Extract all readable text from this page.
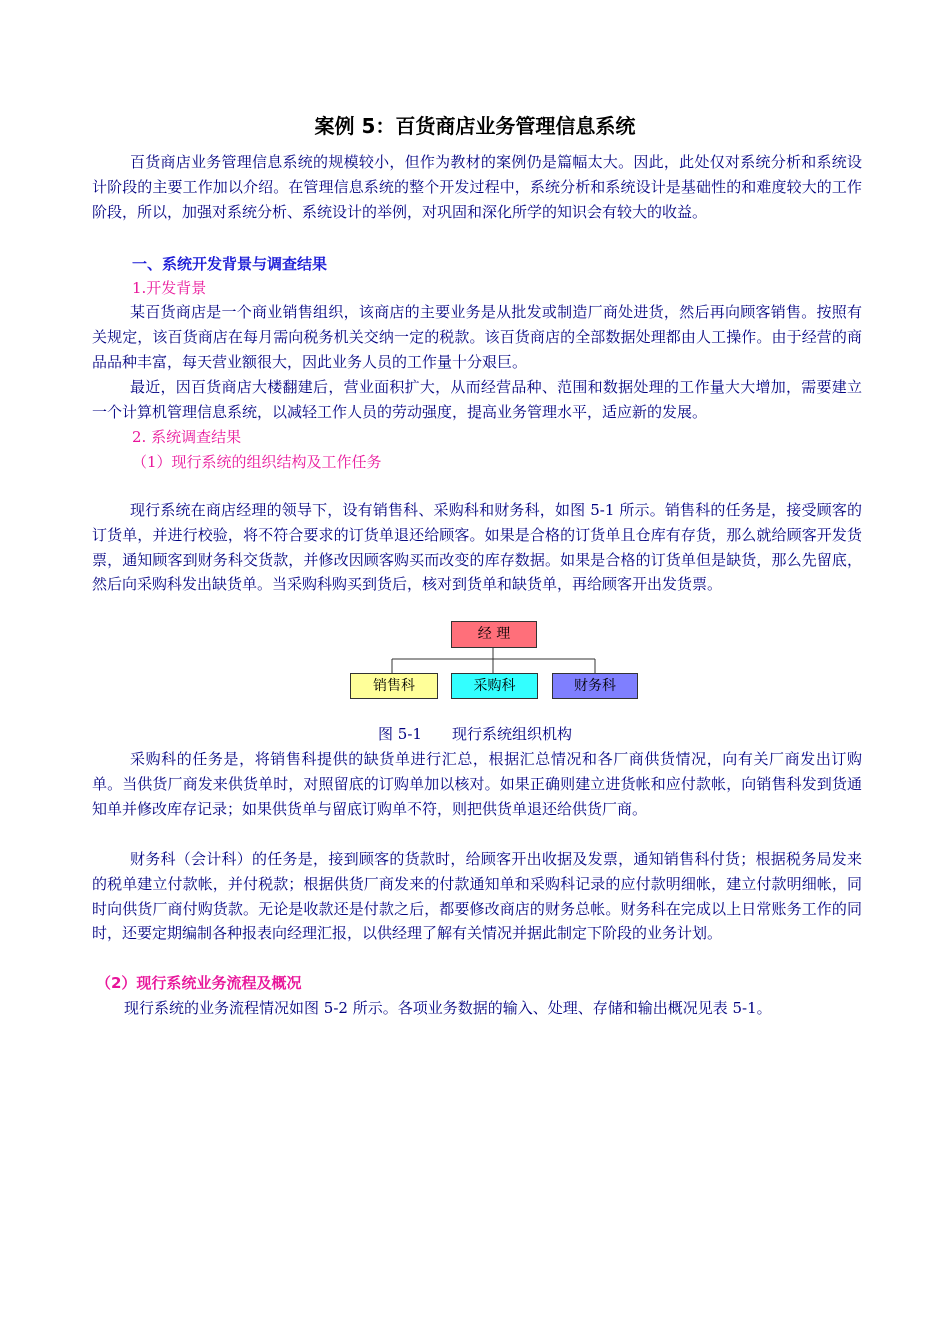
案例 5：百货商店业务管理信息系统

百货商店业务管理信息系统的规模较小，但作为教材的案例仍是篇幅太大。因此，此处仅对系统分析和系统设计阶段的主要工作加以介绍。在管理信息系统的整个开发过程中，系统分析和系统设计是基础性的和难度较大的工作阶段，所以，加强对系统分析、系统设计的举例，对巩固和深化所学的知识会有较大的收益。

一、系统开发背景与调查结果
1.开发背景

某百货商店是一个商业销售组织，该商店的主要业务是从批发或制造厂商处进货，然后再向顾客销售。按照有关规定，该百货商店在每月需向税务机关交纳一定的税款。该百货商店的全部数据处理都由人工操作。由于经营的商品品种丰富，每天营业额很大，因此业务人员的工作量十分艰巨。

最近，因百货商店大楼翻建后，营业面积扩大，从而经营品种、范围和数据处理的工作量大大增加，需要建立一个计算机管理信息系统，以减轻工作人员的劳动强度，提高业务管理水平，适应新的发展。

2. 系统调查结果
（1）现行系统的组织结构及工作任务

现行系统在商店经理的领导下，设有销售科、采购科和财务科，如图 5-1 所示。销售科的任务是，接受顾客的订货单，并进行校验，将不符合要求的订货单退还给顾客。如果是合格的订货单且仓库有存货，那么就给顾客开发货票，通知顾客到财务科交货款，并修改因顾客购买而改变的库存数据。如果是合格的订货单但是缺货，那么先留底，然后向采购科发出缺货单。当采购科购买到货后，核对到货单和缺货单，再给顾客开出发货票。

经 理
销售科	采购科	财务科
图 5-1　　现行系统组织机构

采购科的任务是，将销售科提供的缺货单进行汇总，根据汇总情况和各厂商供货情况，向有关厂商发出订购单。当供货厂商发来供货单时，对照留底的订购单加以核对。如果正确则建立进货帐和应付款帐，向销售科发到货通知单并修改库存记录；如果供货单与留底订购单不符，则把供货单退还给供货厂商。

财务科（会计科）的任务是，接到顾客的货款时，给顾客开出收据及发票，通知销售科付货；根据税务局发来的税单建立付款帐，并付税款；根据供货厂商发来的付款通知单和采购科记录的应付款明细帐，建立付款明细帐，同时向供货厂商付购货款。无论是收款还是付款之后，都要修改商店的财务总帐。财务科在完成以上日常账务工作的同时，还要定期编制各种报表向经理汇报，以供经理了解有关情况并据此制定下阶段的业务计划。

（2）现行系统业务流程及概况

现行系统的业务流程情况如图 5-2 所示。各项业务数据的输入、处理、存储和输出概况见表 5-1。
